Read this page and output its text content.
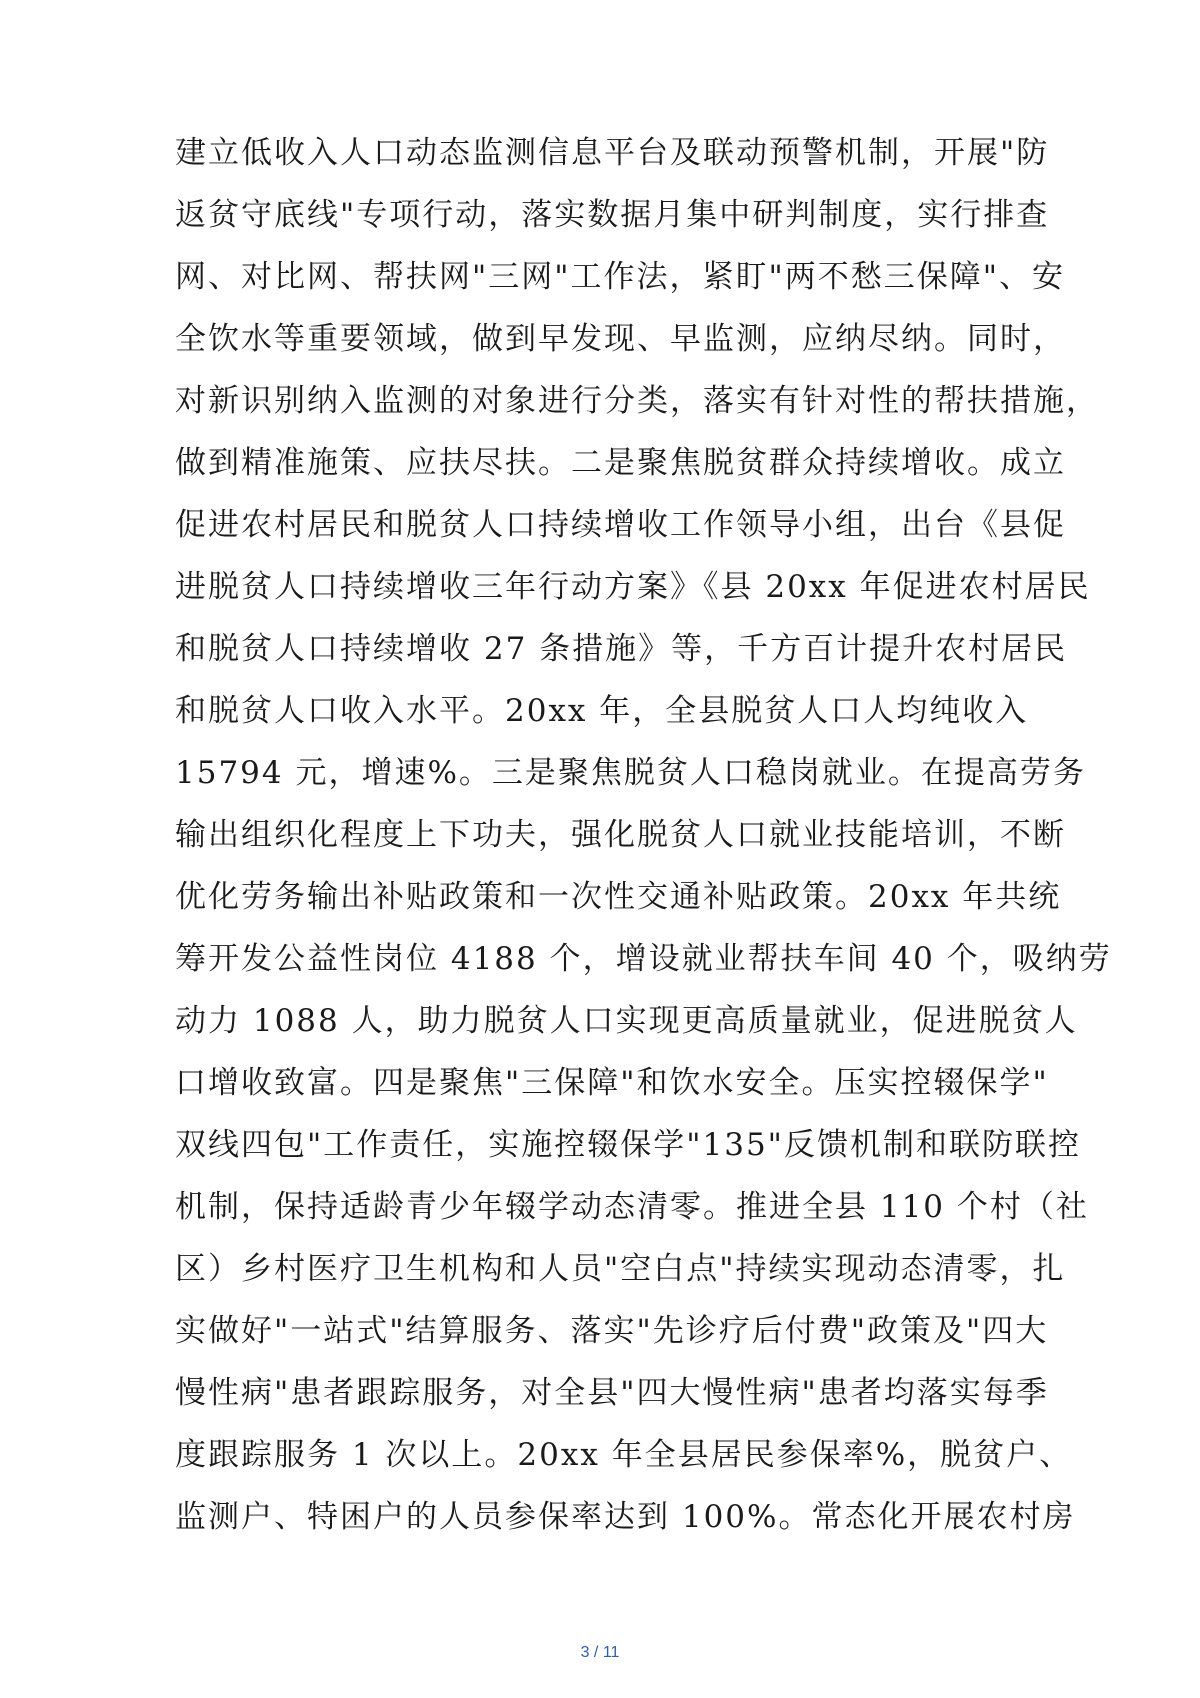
建立低收入人口动态监测信息平台及联动预警机制，开展"防
返贫守底线"专项行动，落实数据月集中研判制度，实行排查
网、对比网、帮扶网"三网"工作法，紧盯"两不愁三保障"、安
全饮水等重要领域，做到早发现、早监测，应纳尽纳。同时，
对新识别纳入监测的对象进行分类，落实有针对性的帮扶措施，
做到精准施策、应扶尽扶。二是聚焦脱贫群众持续增收。成立
促进农村居民和脱贫人口持续增收工作领导小组，出台《县促
进脱贫人口持续增收三年行动方案》《县 20xx 年促进农村居民
和脱贫人口持续增收 27 条措施》等，千方百计提升农村居民
和脱贫人口收入水平。20xx 年，全县脱贫人口人均纯收入
15794 元，增速%。三是聚焦脱贫人口稳岗就业。在提高劳务
输出组织化程度上下功夫，强化脱贫人口就业技能培训，不断
优化劳务输出补贴政策和一次性交通补贴政策。20xx 年共统
筹开发公益性岗位 4188 个，增设就业帮扶车间 40 个，吸纳劳
动力 1088 人，助力脱贫人口实现更高质量就业，促进脱贫人
口增收致富。四是聚焦"三保障"和饮水安全。压实控辍保学"
双线四包"工作责任，实施控辍保学"135"反馈机制和联防联控
机制，保持适龄青少年辍学动态清零。推进全县 110 个村（社
区）乡村医疗卫生机构和人员"空白点"持续实现动态清零，扎
实做好"一站式"结算服务、落实"先诊疗后付费"政策及"四大
慢性病"患者跟踪服务，对全县"四大慢性病"患者均落实每季
度跟踪服务 1 次以上。20xx 年全县居民参保率%，脱贫户、
监测户、特困户的人员参保率达到 100%。常态化开展农村房
3 / 11
